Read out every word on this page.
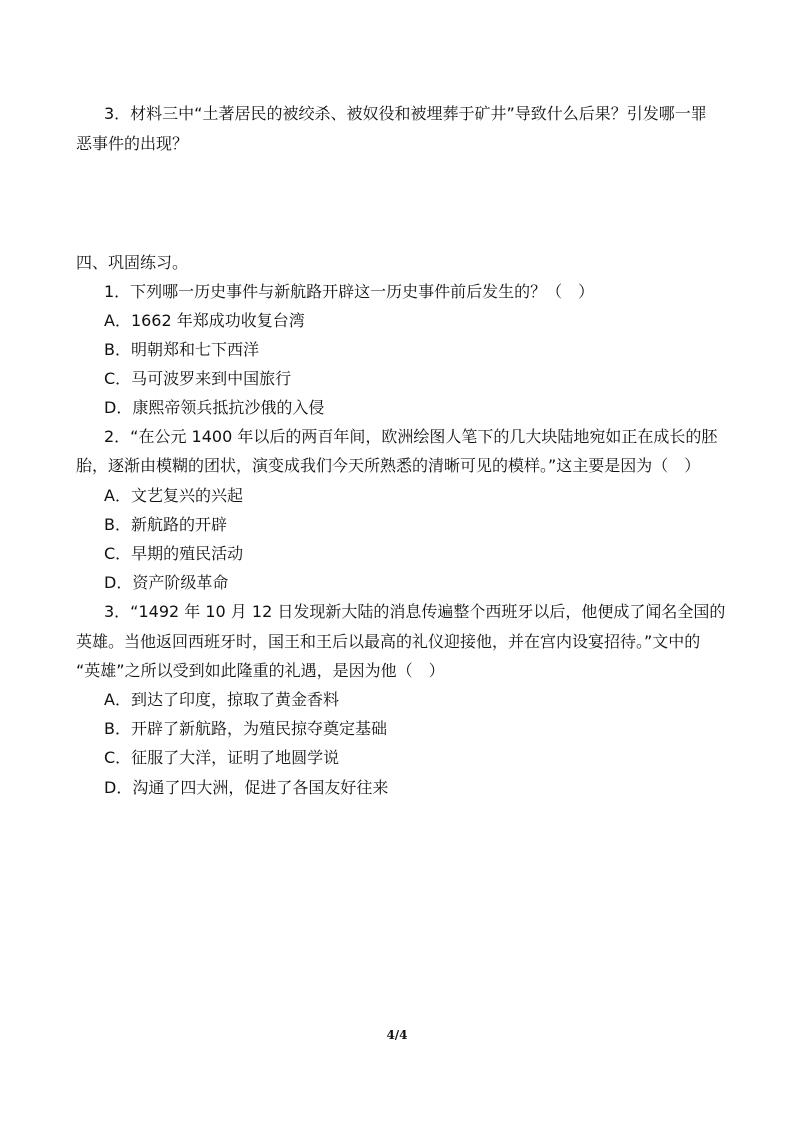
3．材料三中“土著居民的被绞杀、被奴役和被埋葬于矿井”导致什么后果？引发哪一罪
恶事件的出现？
四、巩固练习。
1．下列哪一历史事件与新航路开辟这一历史事件前后发生的？（　）
A．1662 年郑成功收复台湾
B．明朝郑和七下西洋
C．马可波罗来到中国旅行
D．康熙帝领兵抵抗沙俄的入侵
2．“在公元 1400 年以后的两百年间，欧洲绘图人笔下的几大块陆地宛如正在成长的胚
胎，逐渐由模糊的团状，演变成我们今天所熟悉的清晰可见的模样。”这主要是因为（　）
A．文艺复兴的兴起
B．新航路的开辟
C．早期的殖民活动
D．资产阶级革命
3．“1492 年 10 月 12 日发现新大陆的消息传遍整个西班牙以后，他便成了闻名全国的
英雄。当他返回西班牙时，国王和王后以最高的礼仪迎接他，并在宫内设宴招待。”文中的
“英雄”之所以受到如此隆重的礼遇，是因为他（　）
A．到达了印度，掠取了黄金香料
B．开辟了新航路，为殖民掠夺奠定基础
C．征服了大洋，证明了地圆学说
D．沟通了四大洲，促进了各国友好往来
4/4
